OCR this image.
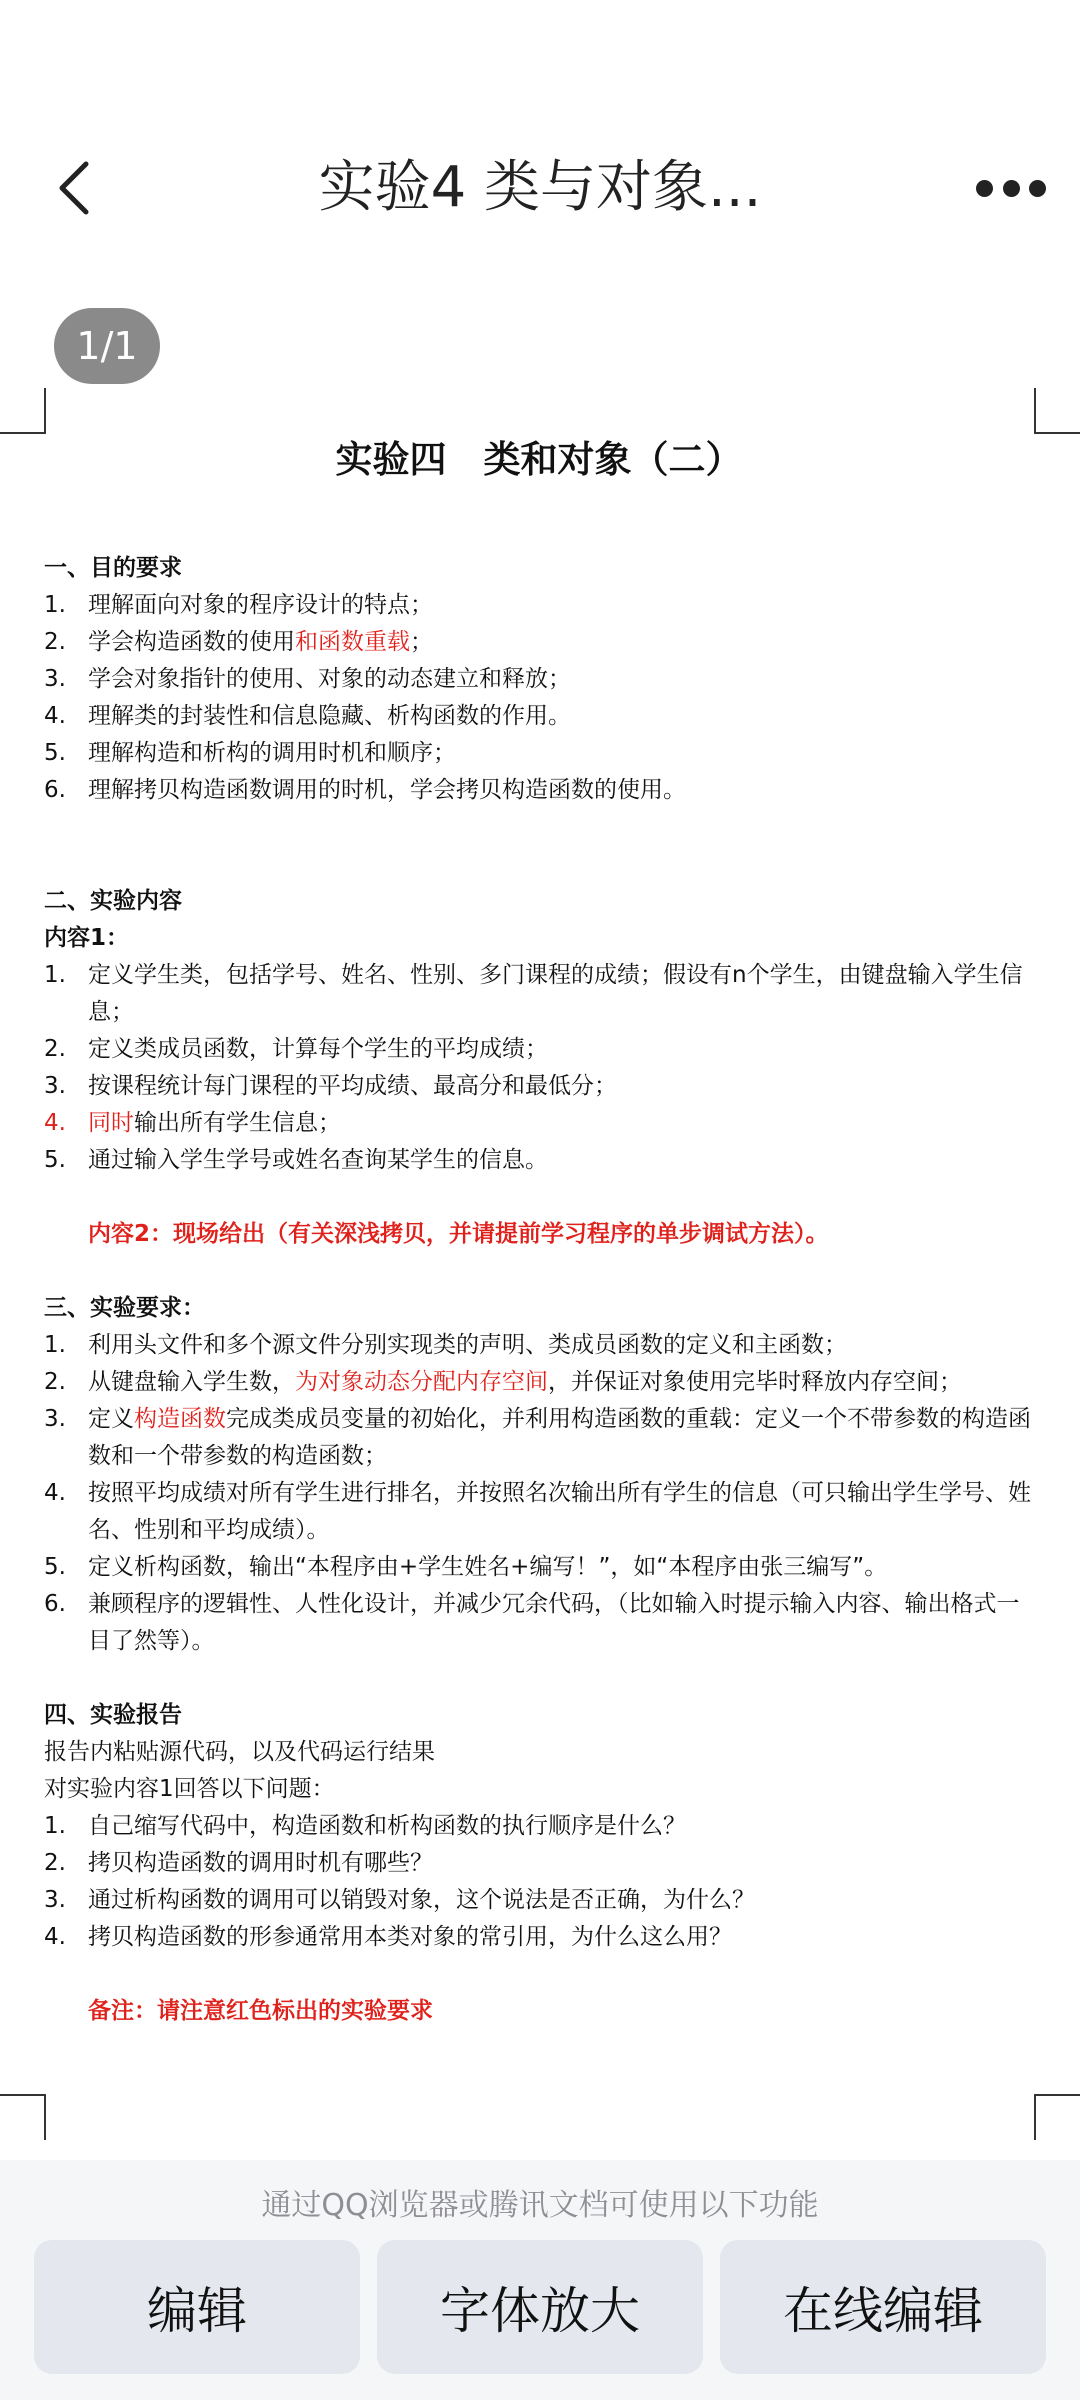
实验4 类与对象...
1/1
实验四　类和对象（二）
一、目的要求
1. 理解面向对象的程序设计的特点；
2. 学会构造函数的使用和函数重载；
3. 学会对象指针的使用、对象的动态建立和释放；
4. 理解类的封装性和信息隐藏、析构函数的作用。
5. 理解构造和析构的调用时机和顺序；
6. 理解拷贝构造函数调用的时机，学会拷贝构造函数的使用。
二、实验内容
内容1：
1. 定义学生类，包括学号、姓名、性别、多门课程的成绩；假设有n个学生，由键盘输入学生信息；
2. 定义类成员函数，计算每个学生的平均成绩；
3. 按课程统计每门课程的平均成绩、最高分和最低分；
4. 同时输出所有学生信息；
5. 通过输入学生学号或姓名查询某学生的信息。
内容2：现场给出（有关深浅拷贝，并请提前学习程序的单步调试方法）。
三、实验要求：
1. 利用头文件和多个源文件分别实现类的声明、类成员函数的定义和主函数；
2. 从键盘输入学生数，为对象动态分配内存空间，并保证对象使用完毕时释放内存空间；
3. 定义构造函数完成类成员变量的初始化，并利用构造函数的重载：定义一个不带参数的构造函数和一个带参数的构造函数；
4. 按照平均成绩对所有学生进行排名，并按照名次输出所有学生的信息（可只输出学生学号、姓名、性别和平均成绩）。
5. 定义析构函数，输出“本程序由+学生姓名+编写！”，如“本程序由张三编写”。
6. 兼顾程序的逻辑性、人性化设计，并减少冗余代码，（比如输入时提示输入内容、输出格式一目了然等）。
四、实验报告
报告内粘贴源代码，以及代码运行结果
对实验内容1回答以下问题：
1. 自己缩写代码中，构造函数和析构函数的执行顺序是什么？
2. 拷贝构造函数的调用时机有哪些？
3. 通过析构函数的调用可以销毁对象，这个说法是否正确，为什么？
4. 拷贝构造函数的形参通常用本类对象的常引用，为什么这么用？
备注：请注意红色标出的实验要求
通过QQ浏览器或腾讯文档可使用以下功能
编辑	字体放大	在线编辑
